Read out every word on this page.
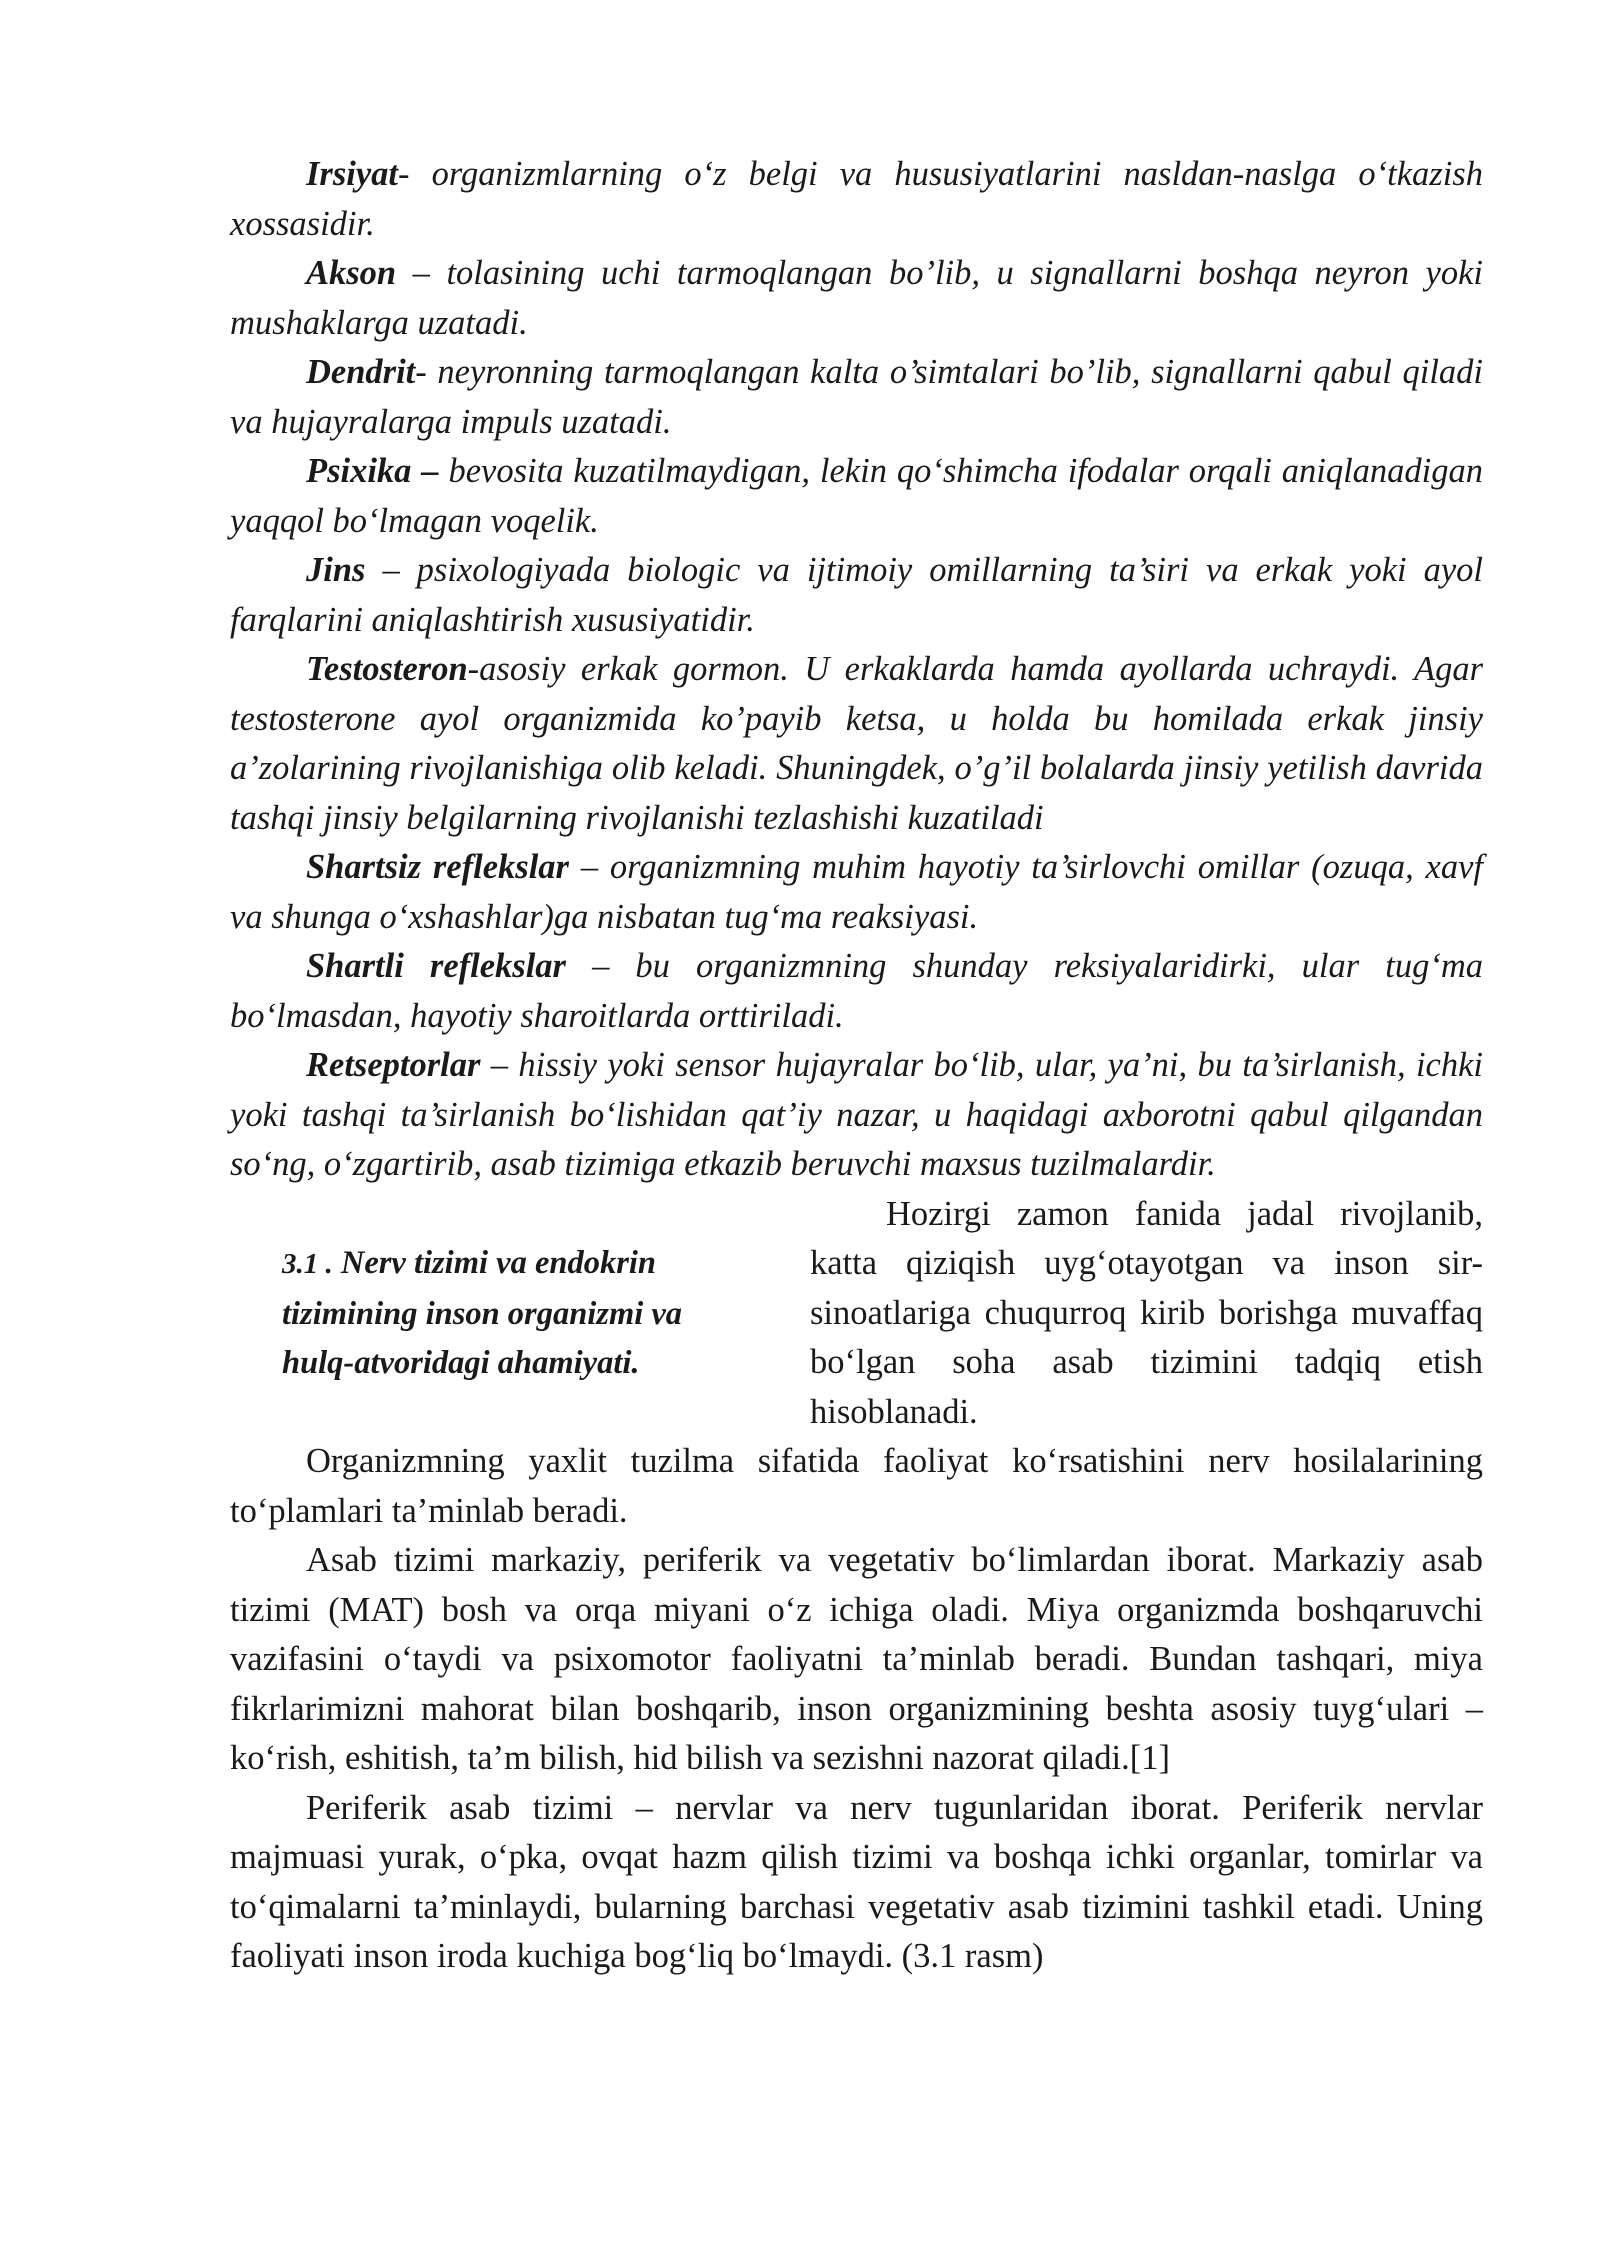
Irsiyat- organizmlarning o‘z belgi va hususiyatlarini nasldan-naslga o‘tkazish xossasidir.

Akson – tolasining uchi tarmoqlangan bo’lib, u signallarni boshqa neyron yoki mushaklarga uzatadi.

Dendrit- neyronning tarmoqlangan kalta o’simtalari bo’lib, signallarni qabul qiladi va hujayralarga impuls uzatadi.

Psixika – bevosita kuzatilmaydigan, lekin qo‘shimcha ifodalar orqali aniqlanadigan yaqqol bo‘lmagan voqelik.

Jins – psixologiyada biologic va ijtimoiy omillarning ta’siri va erkak yoki ayol farqlarini aniqlashtirish xususiyatidir.

Testosteron-asosiy erkak gormon. U erkaklarda hamda ayollarda uchraydi. Agar testosterone ayol organizmida ko’payib ketsa, u holda bu homilada erkak jinsiy a’zolarining rivojlanishiga olib keladi. Shuningdek, o’g’il bolalarda jinsiy yetilish davrida tashqi jinsiy belgilarning rivojlanishi tezlashishi kuzatiladi

Shartsiz reflekslar – organizmning muhim hayotiy ta’sirlovchi omillar (ozuqa, xavf va shunga o‘xshashlar)ga nisbatan tug‘ma reaksiyasi.

Shartli reflekslar – bu organizmning shunday reksiyalaridirki, ular tug‘ma bo‘lmasdan, hayotiy sharoitlarda orttiriladi.

Retseptorlar – hissiy yoki sensor hujayralar bo‘lib, ular, ya’ni, bu ta’sirlanish, ichki yoki tashqi ta’sirlanish bo‘lishidan qat’iy nazar, u haqidagi axborotni qabul qilgandan so‘ng, o‘zgartirib, asab tizimiga etkazib beruvchi maxsus tuzilmalardir.

3.1 . Nerv tizimi va endokrin tizimining inson organizmi va hulq-atvoridagi ahamiyati.

Hozirgi zamon fanida jadal rivojlanib, katta qiziqish uyg‘otayotgan va inson sir-sinoatlariga chuqurroq kirib borishga muvaffaq bo‘lgan soha asab tizimini tadqiq etish hisoblanadi.

Organizmning yaxlit tuzilma sifatida faoliyat ko‘rsatishini nerv hosilalarining to‘plamlari ta’minlab beradi.

Asab tizimi markaziy, periferik va vegetativ bo‘limlardan iborat. Markaziy asab tizimi (MAT) bosh va orqa miyani o‘z ichiga oladi. Miya organizmda boshqaruvchi vazifasini o‘taydi va psixomotor faoliyatni ta’minlab beradi. Bundan tashqari, miya fikrlarimizni mahorat bilan boshqarib, inson organizmining beshta asosiy tuyg‘ulari – ko‘rish, eshitish, ta’m bilish, hid bilish va sezishni nazorat qiladi.[1]

Periferik asab tizimi – nervlar va nerv tugunlaridan iborat. Periferik nervlar majmuasi yurak, o‘pka, ovqat hazm qilish tizimi va boshqa ichki organlar, tomirlar va to‘qimalarni ta’minlaydi, bularning barchasi vegetativ asab tizimini tashkil etadi. Uning faoliyati inson iroda kuchiga bog‘liq bo‘lmaydi. (3.1 rasm)
